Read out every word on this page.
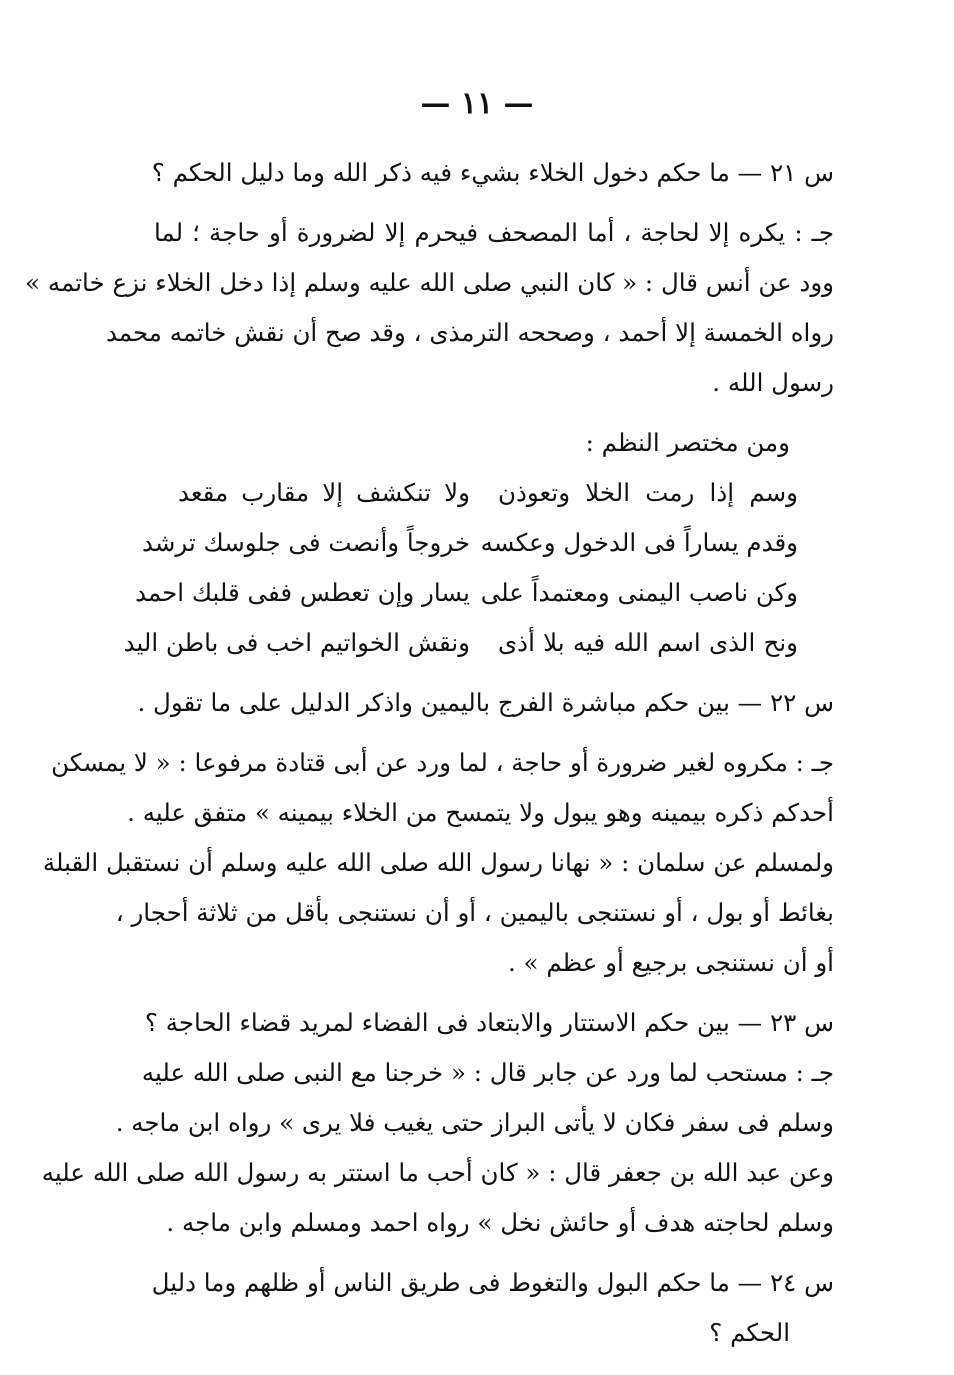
— ١١ —
س ٢١ — ما حكم دخول الخلاء بشيء فيه ذكر الله وما دليل الحكم ؟
جـ : يكره إلا لحاجة ، أما المصحف فيحرم إلا لضرورة أو حاجة ؛ لما
وود عن أنس قال : « كان النبي صلى الله عليه وسلم إذا دخل الخلاء نزع خاتمه »
رواه الخمسة إلا أحمد ، وصححه الترمذى ، وقد صح أن نقش خاتمه محمد
رسول الله .
ومن مختصر النظم :
وسم إذا رمت الخلا وتعوذن
ولا تنكشف إلا مقارب مقعد
وقدم يساراً فى الدخول وعكسه
خروجاً وأنصت فى جلوسك ترشد
وكن ناصب اليمنى ومعتمداً على
يسار وإن تعطس ففى قلبك احمد
ونح الذى اسم الله فيه بلا أذى
ونقش الخواتيم اخب فى باطن اليد
س ٢٢ — بين حكم مباشرة الفرج باليمين واذكر الدليل على ما تقول .
جـ : مكروه لغير ضرورة أو حاجة ، لما ورد عن أبى قتادة مرفوعا : « لا يمسكن
أحدكم ذكره بيمينه وهو يبول ولا يتمسح من الخلاء بيمينه » متفق عليه .
ولمسلم عن سلمان : « نهانا رسول الله صلى الله عليه وسلم أن نستقبل القبلة
بغائط أو بول ، أو نستنجى باليمين ، أو أن نستنجى بأقل من ثلاثة أحجار ،
أو أن نستنجى برجيع أو عظم » .
س ٢٣ — بين حكم الاستتار والابتعاد فى الفضاء لمريد قضاء الحاجة ؟
جـ : مستحب لما ورد عن جابر قال : « خرجنا مع النبى صلى الله عليه
وسلم فى سفر فكان لا يأتى البراز حتى يغيب فلا يرى » رواه ابن ماجه .
وعن عبد الله بن جعفر قال : « كان أحب ما استتر به رسول الله صلى الله عليه
وسلم لحاجته هدف أو حائش نخل » رواه احمد ومسلم وابن ماجه .
س ٢٤ — ما حكم البول والتغوط فى طريق الناس أو ظلهم وما دليل
الحكم ؟
